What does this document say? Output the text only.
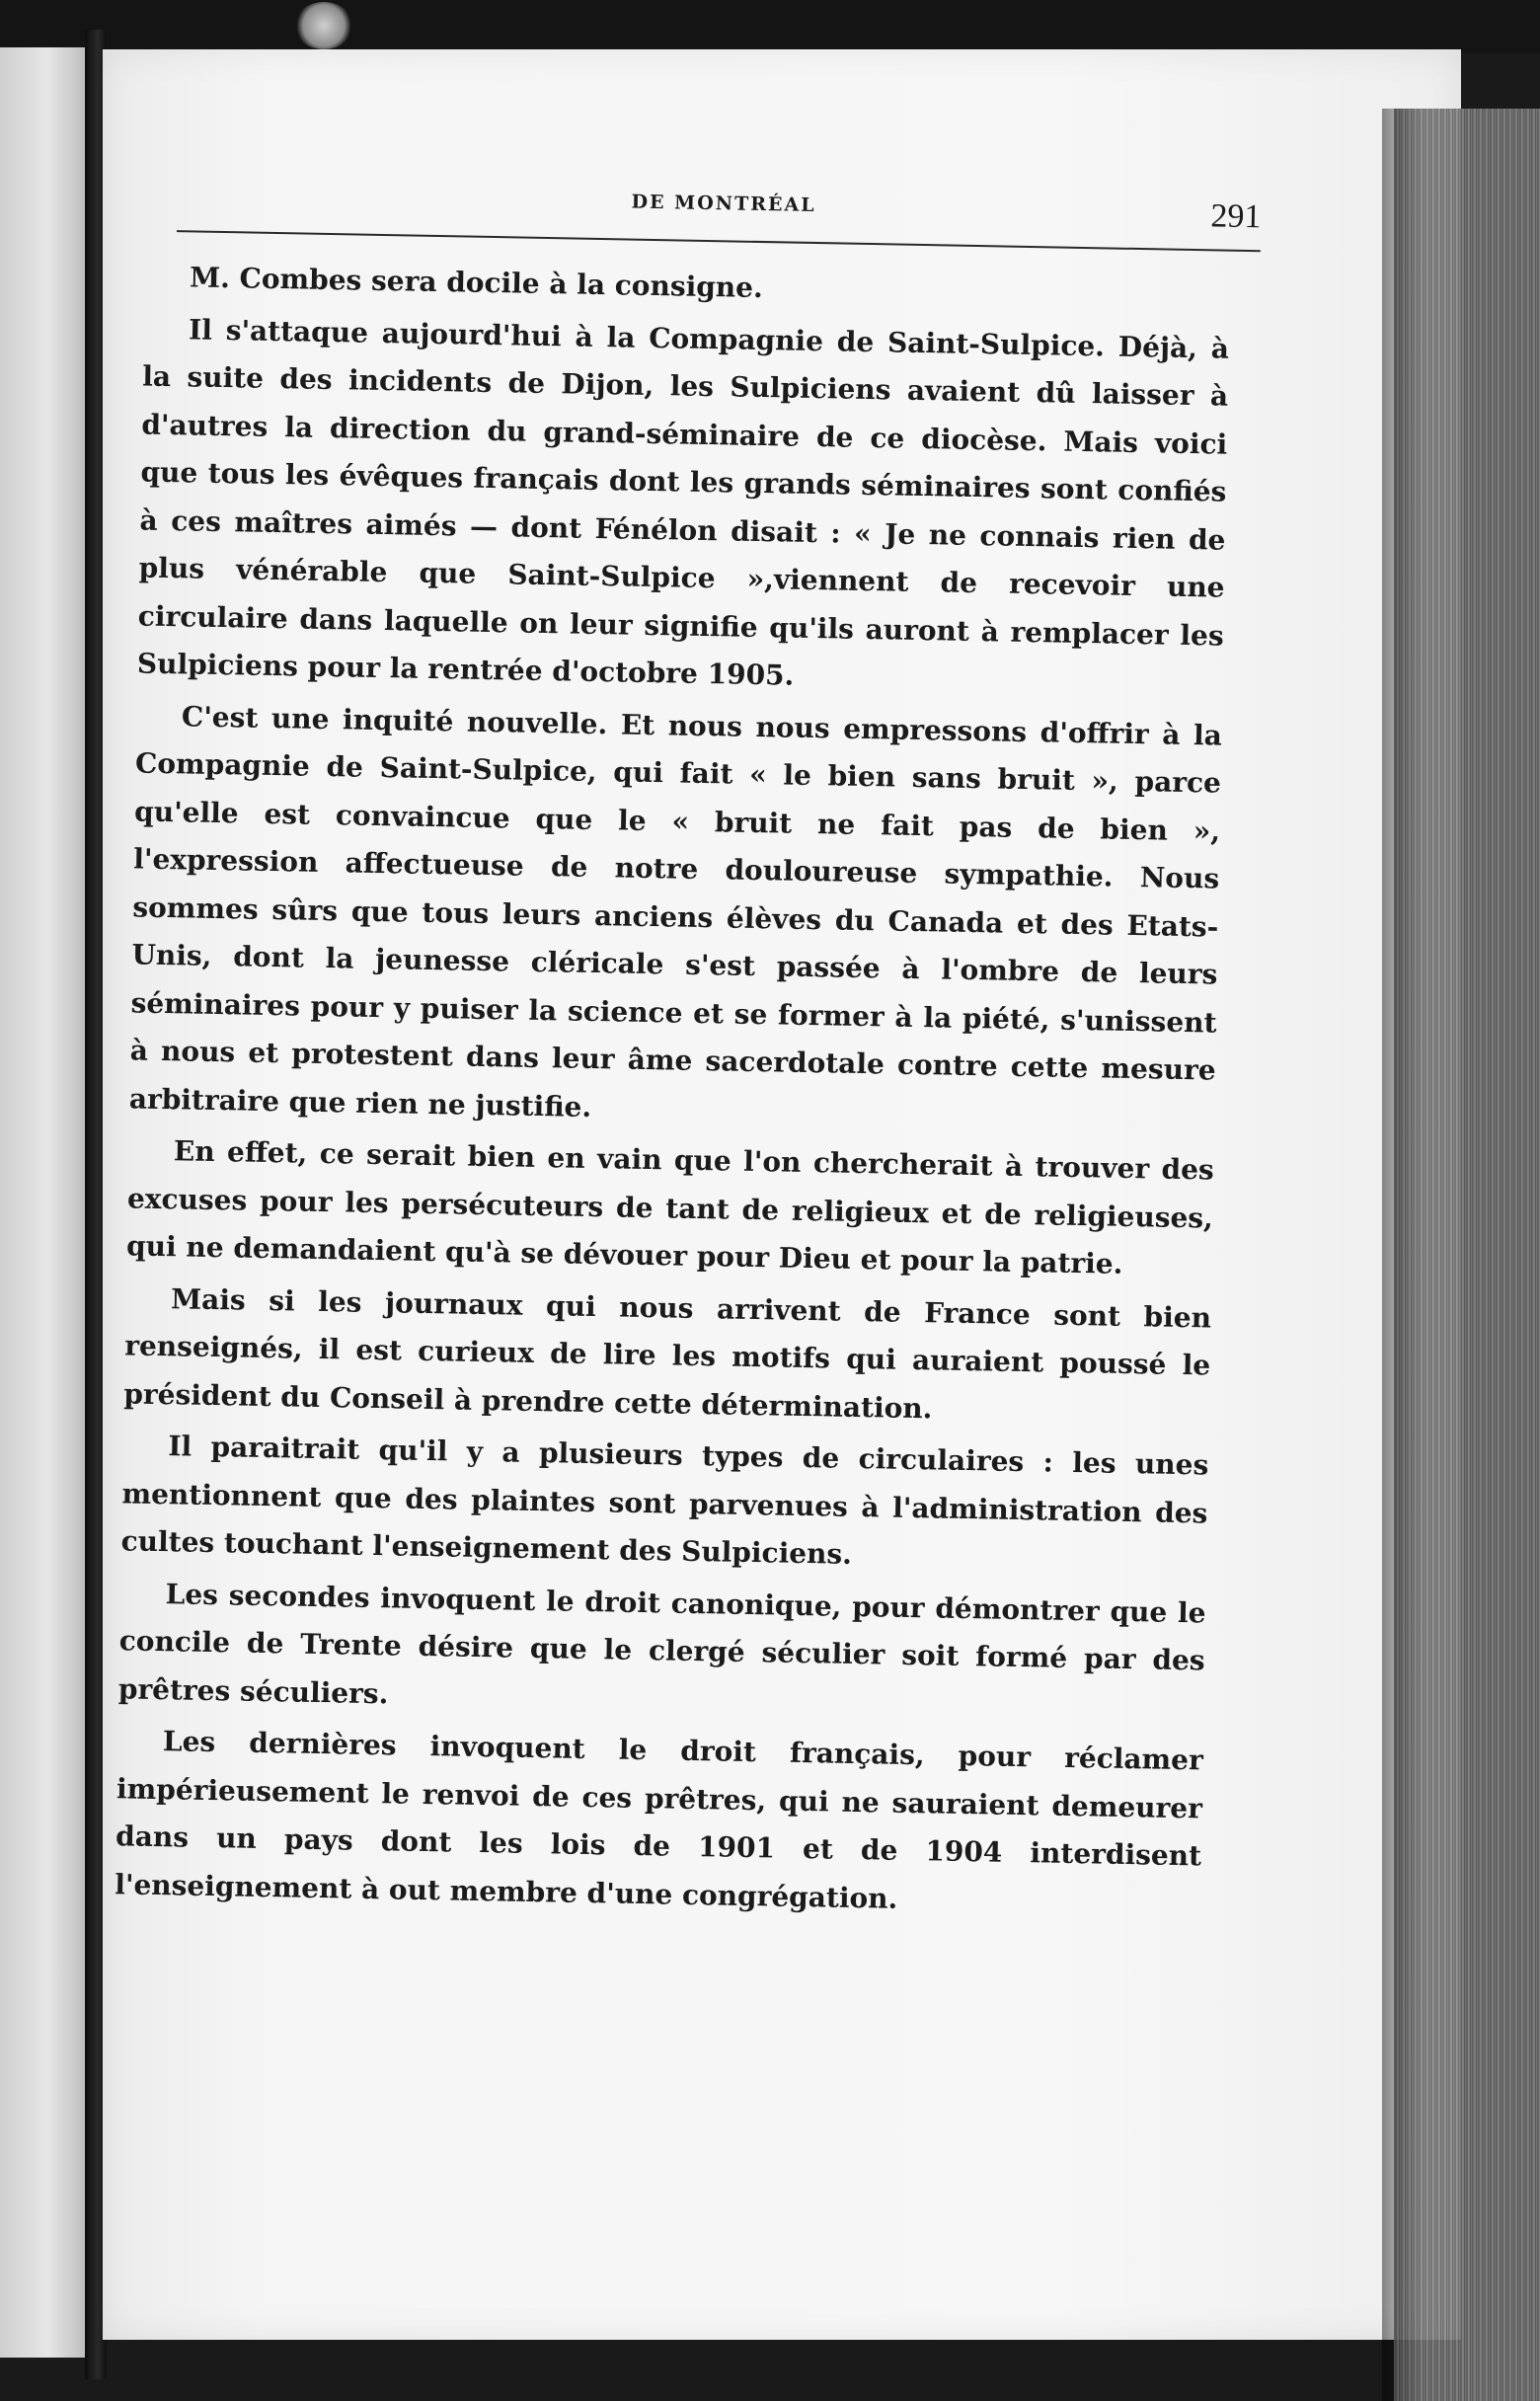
DE MONTRÉAL	291

M. Combes sera docile à la consigne.

Il s'attaque aujourd'hui à la Compagnie de Saint-Sulpice. Déjà, à la suite des incidents de Dijon, les Sulpiciens avaient dû laisser à d'autres la direction du grand-séminaire de ce diocèse. Mais voici que tous les évêques français dont les grands séminaires sont confiés à ces maîtres aimés — dont Fénélon disait : « Je ne connais rien de plus vénérable que Saint-Sulpice »,viennent de recevoir une circulaire dans laquelle on leur signifie qu'ils auront à remplacer les Sulpiciens pour la rentrée d'octobre 1905.

C'est une inquité nouvelle. Et nous nous empressons d'offrir à la Compagnie de Saint-Sulpice, qui fait « le bien sans bruit », parce qu'elle est convaincue que le « bruit ne fait pas de bien », l'expression affectueuse de notre douloureuse sympathie. Nous sommes sûrs que tous leurs anciens élèves du Canada et des Etats-Unis, dont la jeunesse cléricale s'est passée à l'ombre de leurs séminaires pour y puiser la science et se former à la piété, s'unissent à nous et protestent dans leur âme sacerdotale contre cette mesure arbitraire que rien ne justifie.

En effet, ce serait bien en vain que l'on chercherait à trouver des excuses pour les persécuteurs de tant de religieux et de religieuses, qui ne demandaient qu'à se dévouer pour Dieu et pour la patrie.

Mais si les journaux qui nous arrivent de France sont bien renseignés, il est curieux de lire les motifs qui auraient poussé le président du Conseil à prendre cette détermination.

Il paraitrait qu'il y a plusieurs types de circulaires : les unes mentionnent que des plaintes sont parvenues à l'administration des cultes touchant l'enseignement des Sulpiciens.

Les secondes invoquent le droit canonique, pour démontrer que le concile de Trente désire que le clergé séculier soit formé par des prêtres séculiers.

Les dernières invoquent le droit français, pour réclamer impérieusement le renvoi de ces prêtres, qui ne sauraient demeurer dans un pays dont les lois de 1901 et de 1904 interdisent l'enseignement à out membre d'une congrégation.
